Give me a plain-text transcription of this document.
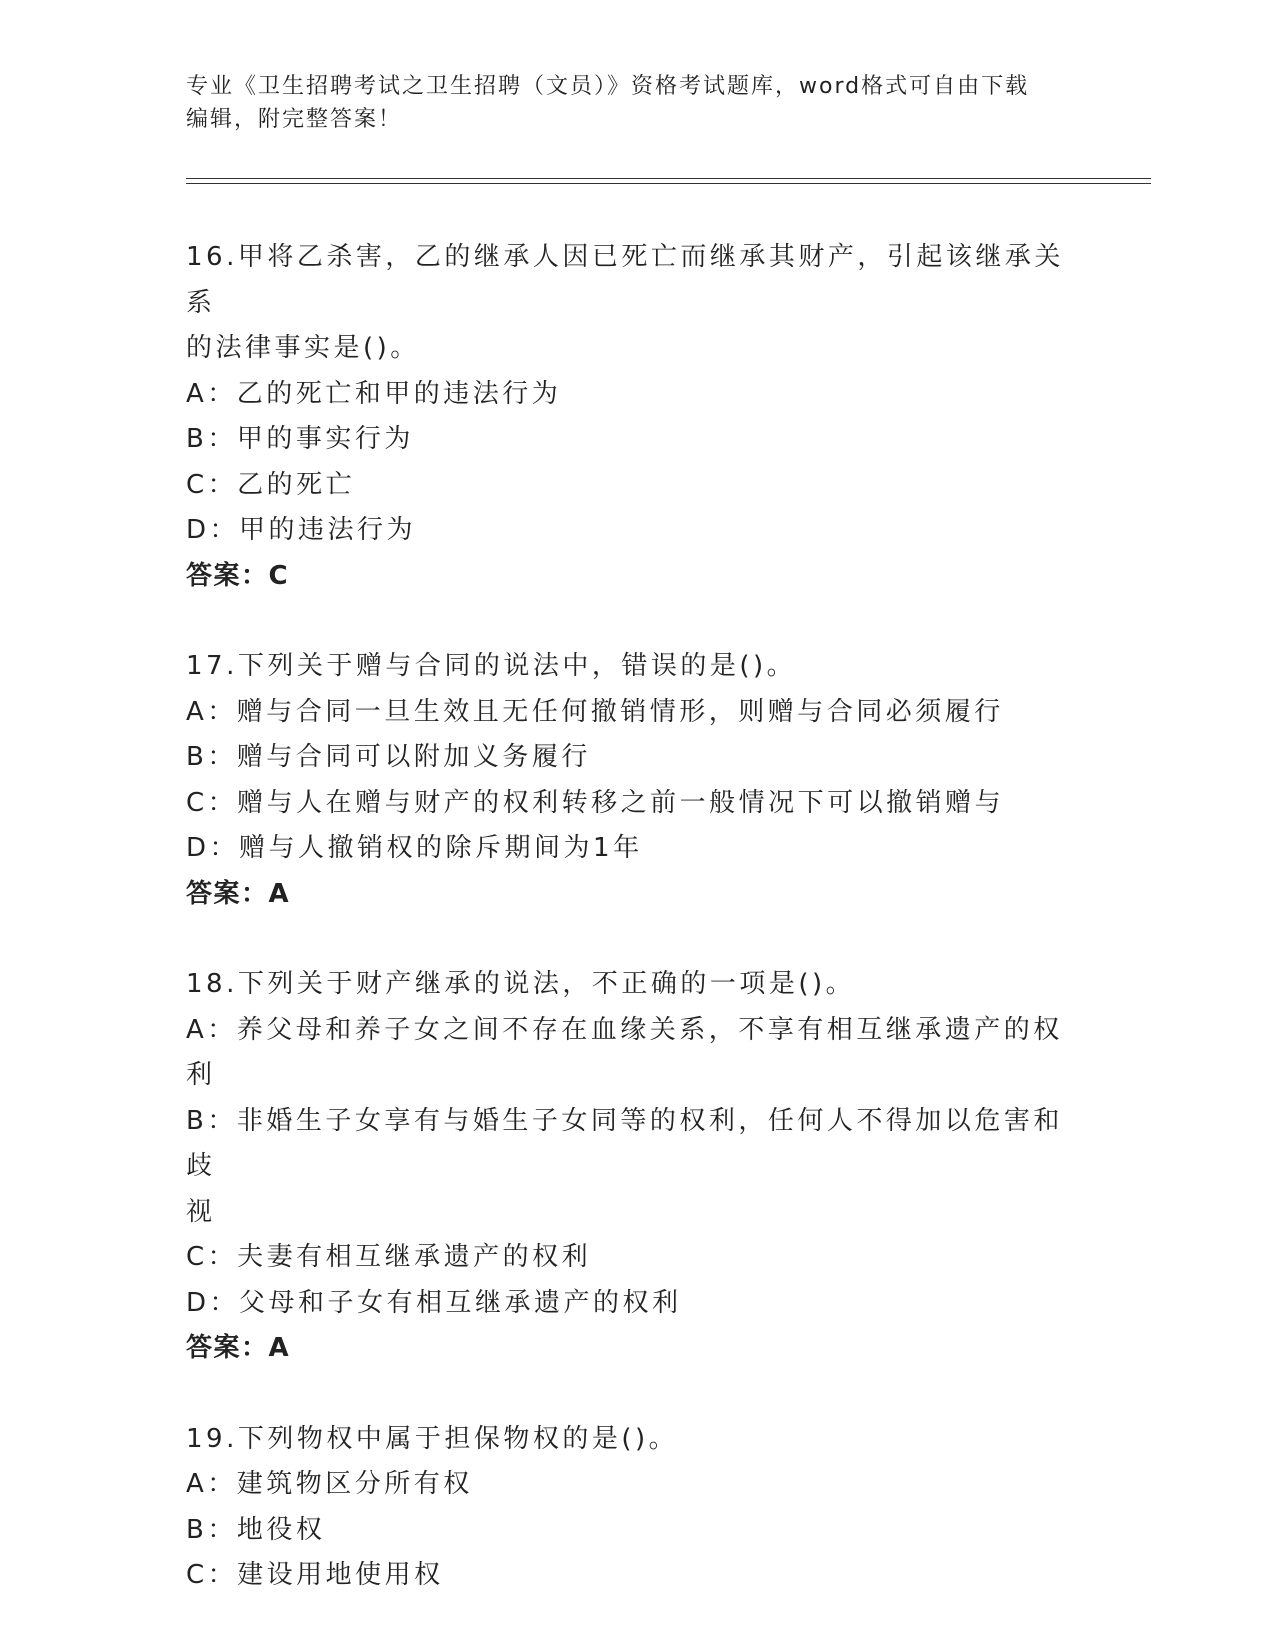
专业《卫生招聘考试之卫生招聘（文员）》资格考试题库，word格式可自由下载
编辑，附完整答案！
16.甲将乙杀害，乙的继承人因已死亡而继承其财产，引起该继承关系
的法律事实是()。
A：乙的死亡和甲的违法行为
B：甲的事实行为
C：乙的死亡
D：甲的违法行为
答案：C
17.下列关于赠与合同的说法中，错误的是()。
A：赠与合同一旦生效且无任何撤销情形，则赠与合同必须履行
B：赠与合同可以附加义务履行
C：赠与人在赠与财产的权利转移之前一般情况下可以撤销赠与
D：赠与人撤销权的除斥期间为1年
答案：A
18.下列关于财产继承的说法，不正确的一项是()。
A：养父母和养子女之间不存在血缘关系，不享有相互继承遗产的权利
B：非婚生子女享有与婚生子女同等的权利，任何人不得加以危害和歧
视
C：夫妻有相互继承遗产的权利
D：父母和子女有相互继承遗产的权利
答案：A
19.下列物权中属于担保物权的是()。
A：建筑物区分所有权
B：地役权
C：建设用地使用权
